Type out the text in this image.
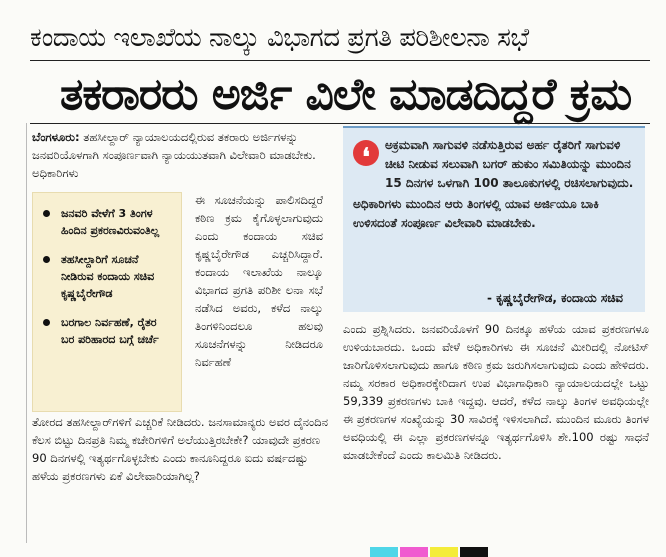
ಕಂದಾಯ ಇಲಾಖೆಯ ನಾಲ್ಕು ವಿಭಾಗದ ಪ್ರಗತಿ ಪರಿಶೀಲನಾ ಸಭೆ
ತಕರಾರರು ಅರ್ಜಿ ವಿಲೇ ಮಾಡದಿದ್ದರೆ ಕ್ರಮ
ಬೆಂಗಳೂರು: ತಹಸೀಲ್ದಾರ್ ನ್ಯಾಯಾಲಯದಲ್ಲಿರುವ ತಕರಾರು ಅರ್ಜಿಗಳನ್ನು ಜನವರಿಯೊಳಗಾಗಿ ಸಂಪೂರ್ಣವಾಗಿ ನ್ಯಾಯಯುತವಾಗಿ ವಿಲೇವಾರಿ ಮಾಡಬೇಕು. ಅಧಿಕಾರಿಗಳು
ಜನವರಿ ವೇಳೆಗೆ 3 ತಿಂಗಳ ಹಿಂದಿನ ಪ್ರಕರಣವಿರುವಂತಿಲ್ಲ
ತಹಸೀಲ್ದಾರಿಗೆ ಸೂಚನೆ ನೀಡಿರುವ ಕಂದಾಯ ಸಚಿವ ಕೃಷ್ಣಬೈರೇಗೌಡ
ಬರಗಾಲ ನಿರ್ವಹಣೆ, ರೈತರ ಬರ ಪರಿಹಾರದ ಬಗ್ಗೆ ಚರ್ಚೆ
ಈ ಸೂಚನೆಯನ್ನು ಪಾಲಿಸದಿದ್ದರೆ ಕಠಿಣ ಕ್ರಮ ಕೈಗೊಳ್ಳಲಾಗುವುದು ಎಂದು ಕಂದಾಯ ಸಚಿವ ಕೃಷ್ಣಬೈರೇಗೌಡ ಎಚ್ಚರಿಸಿದ್ದಾರೆ. ಕಂದಾಯ ಇಲಾಖೆಯ ನಾಲ್ಕೂ ವಿಭಾಗದ ಪ್ರಗತಿ ಪರಿಶೀ ಲನಾ ಸಭೆ ನಡೆಸಿದ ಅವರು, ಕಳೆದ ನಾಲ್ಕು ತಿಂಗಳಿನಿಂದಲೂ ಹಲವು ಸೂಚನೆಗಳನ್ನು ನೀಡಿದರೂ ನಿರ್ವಹಣೆ
ತೋರದ ತಹಸೀಲ್ದಾರ್‌ಗಳಿಗೆ ಎಚ್ಚರಿಕೆ ನೀಡಿದರು. ಜನಸಾಮಾನ್ಯರು ಅವರ ದೈನಂದಿನ ಕೆಲಸ ಬಿಟ್ಟು ದಿನಪ್ರತಿ ನಿಮ್ಮ ಕಚೇರಿಗಳಿಗೆ ಅಲೆಯುತ್ತಿರಬೇಕೇ? ಯಾವುದೇ ಪ್ರಕರಣ 90 ದಿನಗಳಲ್ಲಿ ಇತ್ಯರ್ಥಗೊಳ್ಳಬೇಕು ಎಂದು ಕಾನೂನಿದ್ದರೂ ಐದು ವರ್ಷದಷ್ಟು ಹಳೆಯ ಪ್ರಕರಣಗಳು ಏಕೆ ವಿಲೇವಾರಿಯಾಗಿಲ್ಲ?
❛	ಅಕ್ರಮವಾಗಿ ಸಾಗುವಳಿ ನಡೆಸುತ್ತಿರುವ ಅರ್ಹ ರೈತರಿಗೆ ಸಾಗುವಳಿ ಚೀಟಿ ನೀಡುವ ಸಲುವಾಗಿ ಬಗರ್ ಹುಕುಂ ಸಮಿತಿಯನ್ನು ಮುಂದಿನ 15 ದಿನಗಳ ಒಳಗಾಗಿ 100 ತಾಲೂಕುಗಳಲ್ಲಿ ರಚಿಸಲಾಗುವುದು.
ಅಧಿಕಾರಿಗಳು ಮುಂದಿನ ಆರು ತಿಂಗಳಲ್ಲಿ ಯಾವ ಅರ್ಜಿಯೂ ಬಾಕಿ ಉಳಿಸದಂತೆ ಸಂಪೂರ್ಣ ವಿಲೇವಾರಿ ಮಾಡಬೇಕು.
- ಕೃಷ್ಣಬೈರೇಗೌಡ, ಕಂದಾಯ ಸಚಿವ
ಎಂದು ಪ್ರಶ್ನಿಸಿದರು. ಜನವರಿಯೊಳಗೆ 90 ದಿನಕ್ಕೂ ಹಳೆಯ ಯಾವ ಪ್ರಕರಣಗಳೂ ಉಳಿಯಬಾರದು. ಒಂದು ವೇಳೆ ಅಧಿಕಾರಿಗಳು ಈ ಸೂಚನೆ ಮೀರಿದಲ್ಲಿ ನೋಟಿಸ್ ಜಾರಿಗೊಳಿಸಲಾಗುವುದು ಹಾಗೂ ಕಠಿಣ ಕ್ರಮ ಜರುಗಿಸಲಾಗುವುದು ಎಂದು ಹೇಳಿದರು. ನಮ್ಮ ಸರಕಾರ ಅಧಿಕಾರಕ್ಕೇರಿದಾಗ ಉಪ ವಿಭಾಗಾಧಿಕಾರಿ ನ್ಯಾಯಾಲಯದಲ್ಲೇ ಒಟ್ಟು 59,339 ಪ್ರಕರಣಗಳು ಬಾಕಿ ಇದ್ದವು. ಆದರೆ, ಕಳೆದ ನಾಲ್ಕು ತಿಂಗಳ ಅವಧಿಯಲ್ಲೇ ಈ ಪ್ರಕರಣಗಳ ಸಂಖ್ಯೆಯನ್ನು 30 ಸಾವಿರಕ್ಕೆ ಇಳಿಸಲಾಗಿದೆ. ಮುಂದಿನ ಮೂರು ತಿಂಗಳ ಅವಧಿಯಲ್ಲಿ ಈ ಎಲ್ಲಾ ಪ್ರಕರಣಗಳನ್ನೂ ಇತ್ಯರ್ಥಗೊಳಿಸಿ ಶೇ.100 ರಷ್ಟು ಸಾಧನೆ ಮಾಡಬೇಕೆಂದೆ ಎಂದು ಕಾಲಮಿತಿ ನೀಡಿದರು.
